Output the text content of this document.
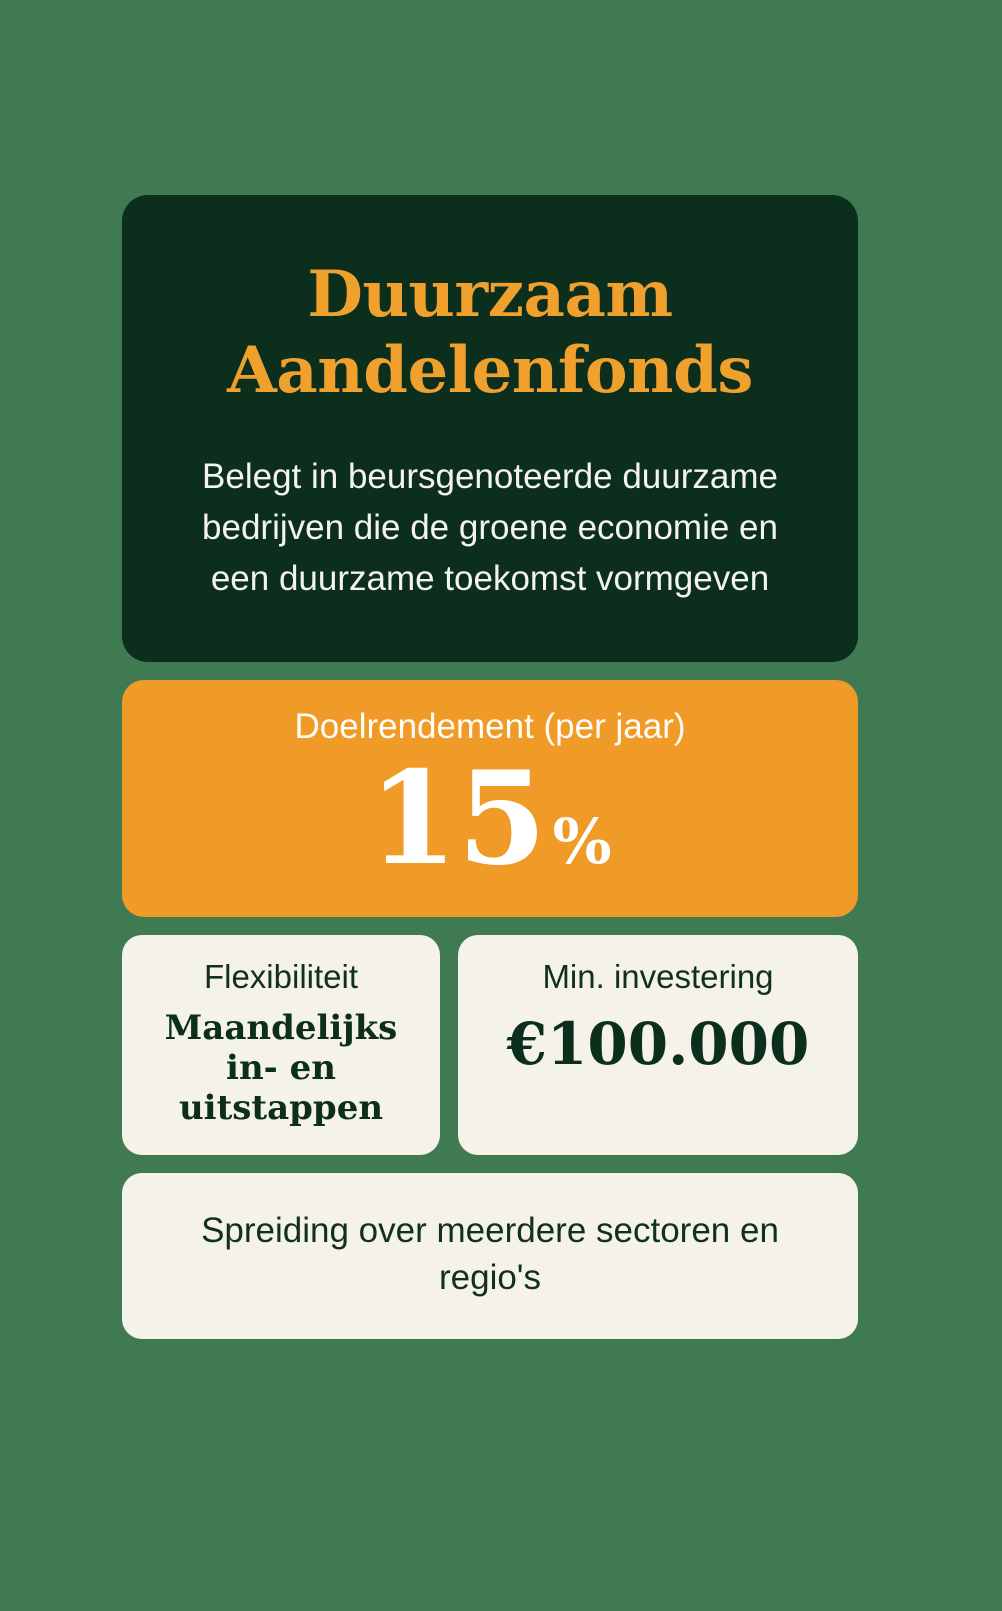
Duurzaam
Aandelenfonds

Belegt in beursgenoteerde duurzame bedrijven die de groene economie en een duurzame toekomst vormgeven

Doelrendement (per jaar)

15 %

Flexibiliteit

Maandelijks in- en uitstappen

Min. investering

€100.000

Spreiding over meerdere sectoren en regio's
